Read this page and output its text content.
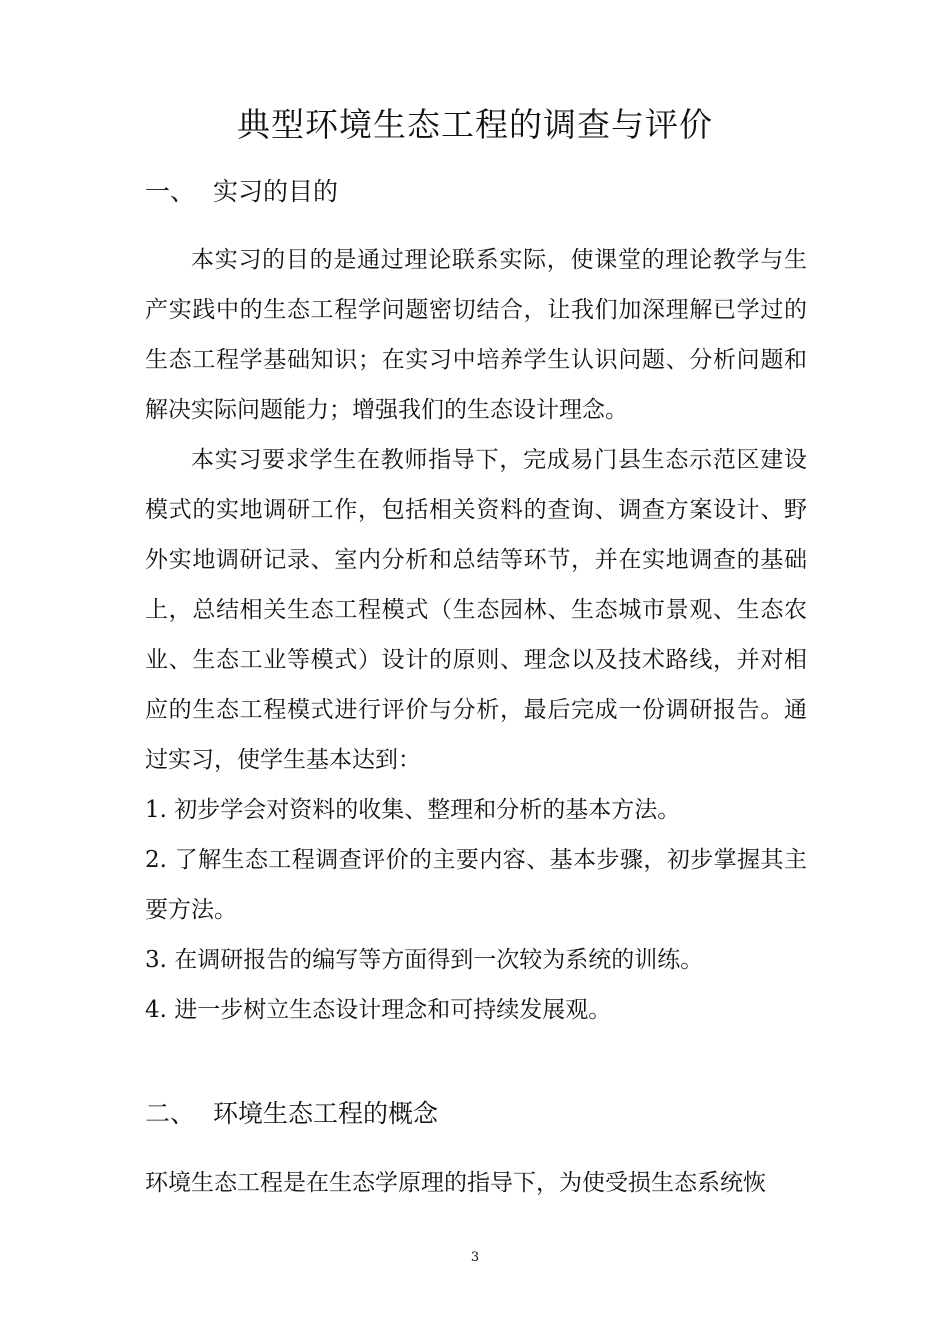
典型环境生态工程的调查与评价
一、 实习的目的

本实习的目的是通过理论联系实际，使课堂的理论教学与生产实践中的生态工程学问题密切结合，让我们加深理解已学过的生态工程学基础知识；在实习中培养学生认识问题、分析问题和解决实际问题能力；增强我们的生态设计理念。

本实习要求学生在教师指导下，完成易门县生态示范区建设模式的实地调研工作，包括相关资料的查询、调查方案设计、野外实地调研记录、室内分析和总结等环节，并在实地调查的基础上，总结相关生态工程模式（生态园林、生态城市景观、生态农业、生态工业等模式）设计的原则、理念以及技术路线，并对相应的生态工程模式进行评价与分析，最后完成一份调研报告。通过实习，使学生基本达到：

1. 初步学会对资料的收集、整理和分析的基本方法。

2. 了解生态工程调查评价的主要内容、基本步骤，初步掌握其主要方法。

3. 在调研报告的编写等方面得到一次较为系统的训练。

4. 进一步树立生态设计理念和可持续发展观。

二、 环境生态工程的概念

环境生态工程是在生态学原理的指导下，为使受损生态系统恢

3
